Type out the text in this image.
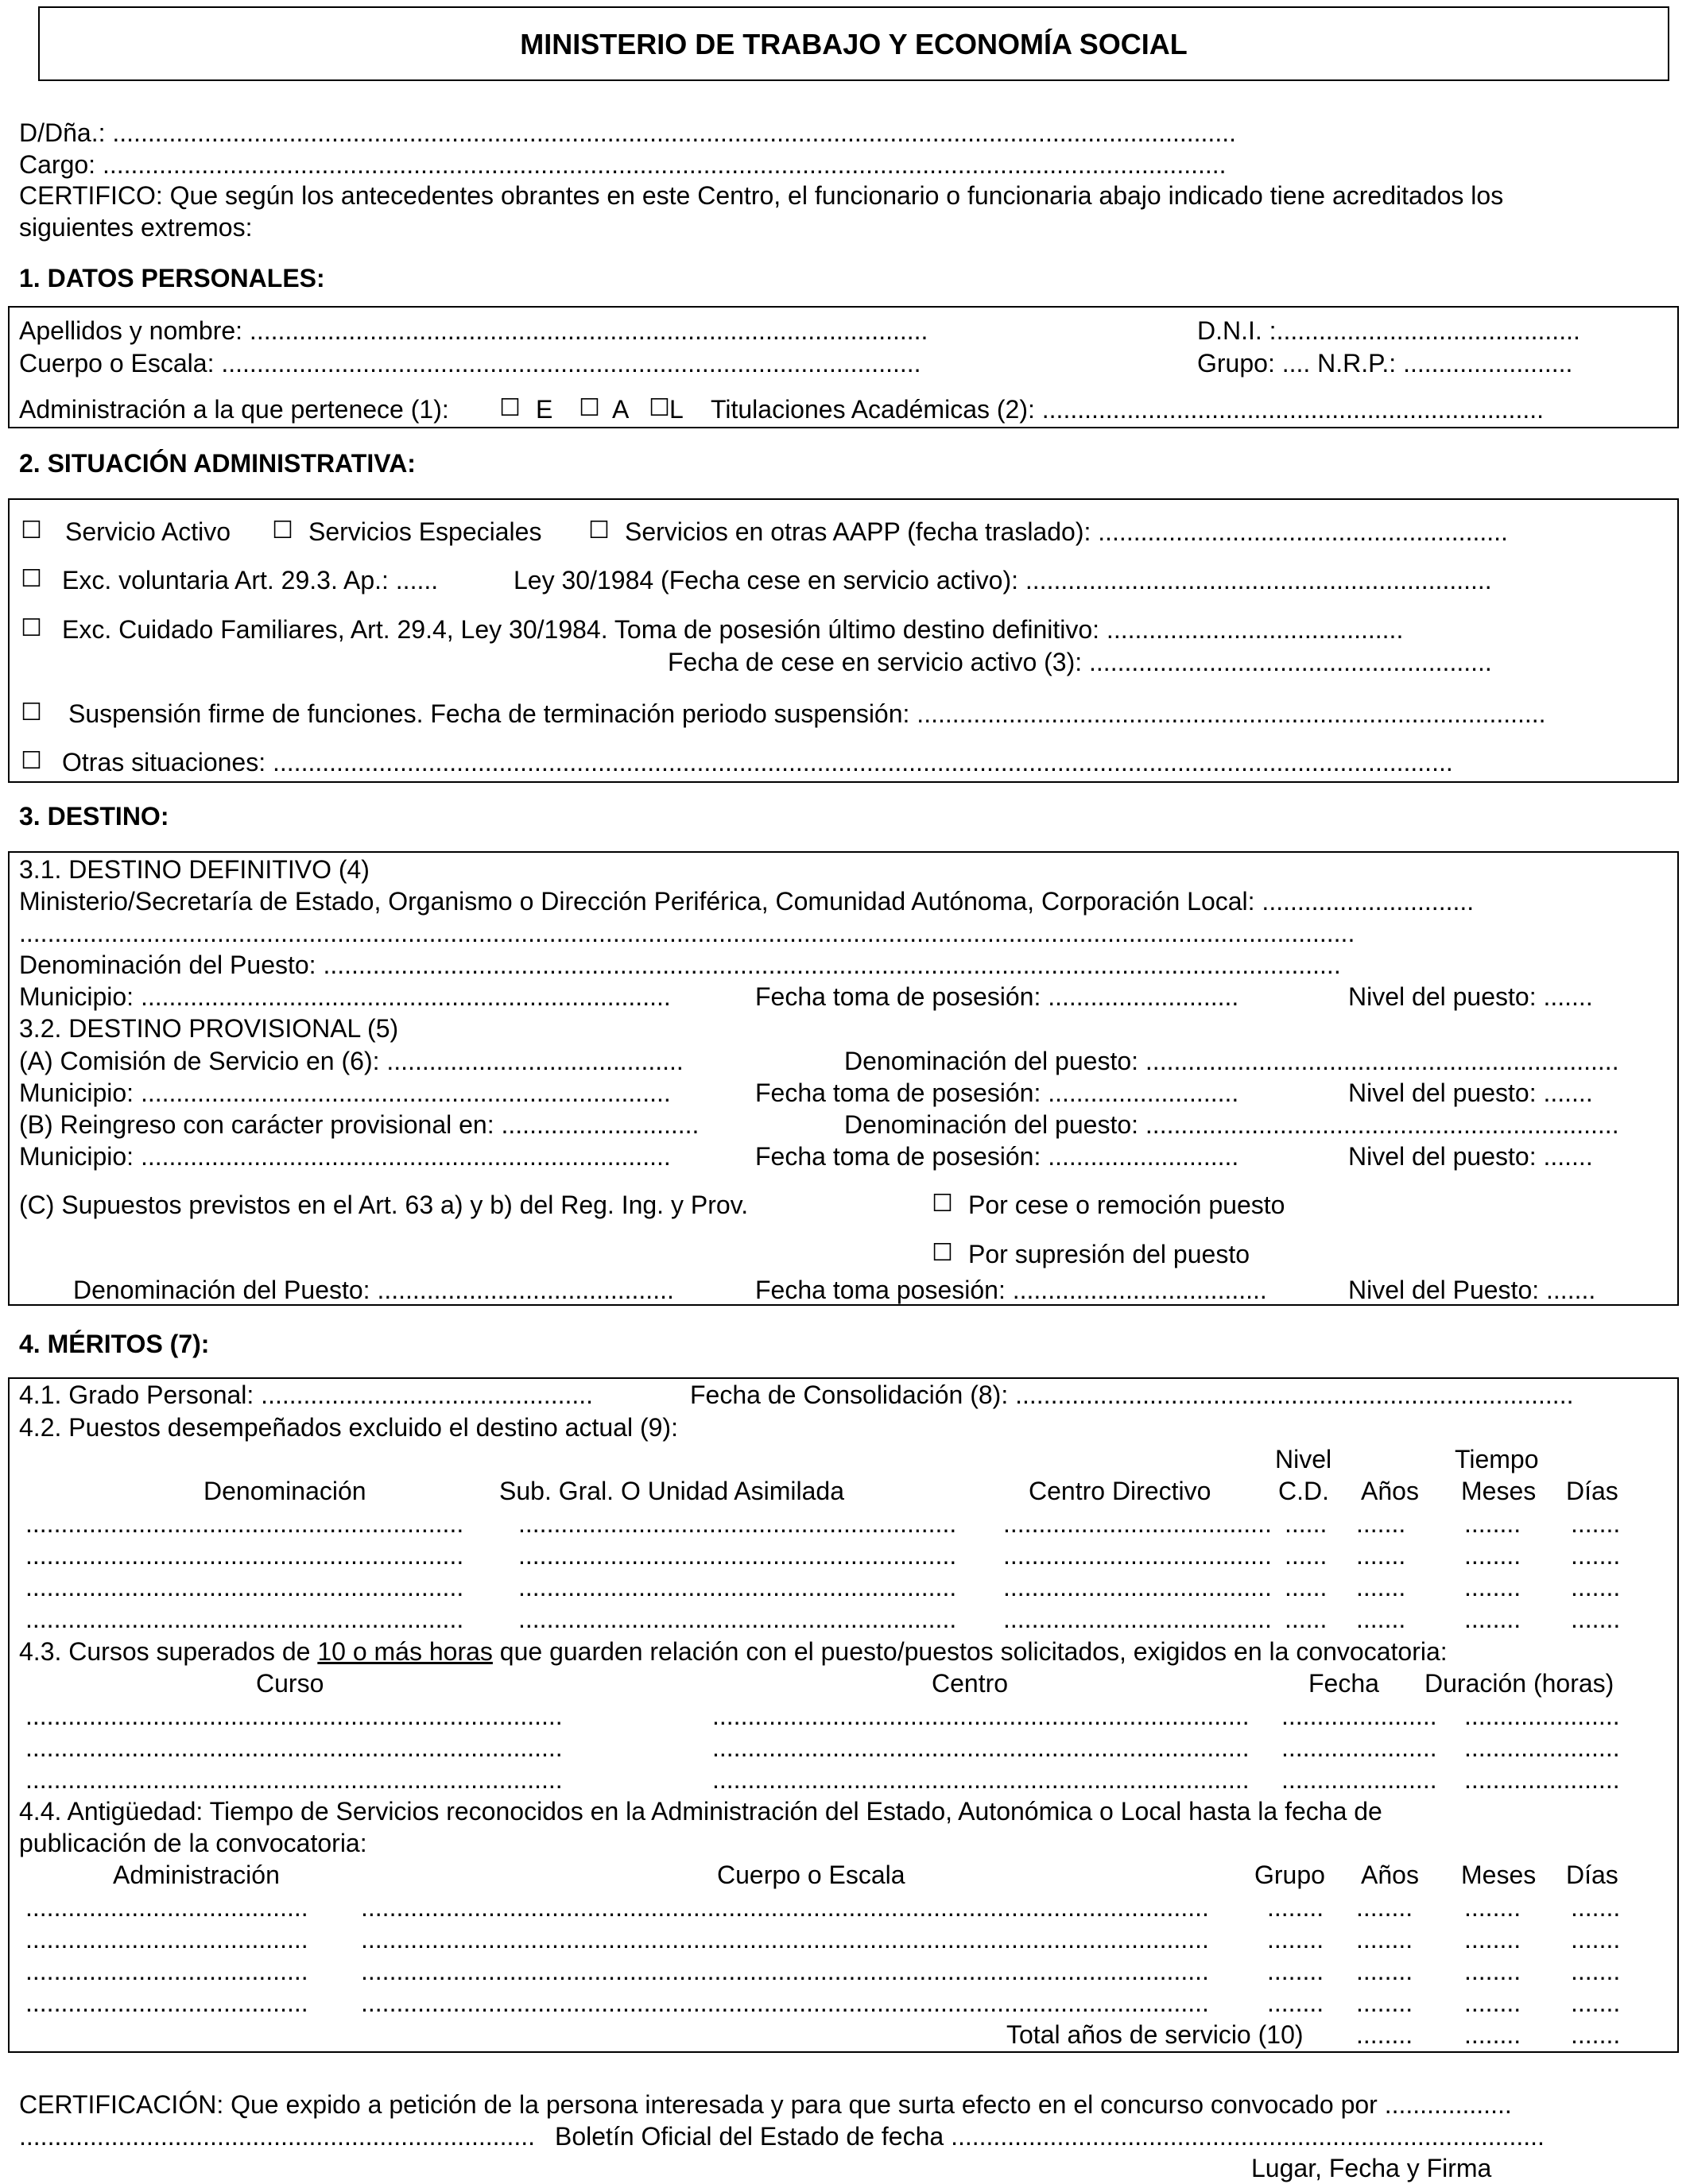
MINISTERIO DE TRABAJO Y ECONOMÍA SOCIAL
D/Dña.: ...............................................................................................................................................................
Cargo: ...............................................................................................................................................................
CERTIFICO: Que según los antecedentes obrantes en este Centro, el funcionario o funcionaria abajo indicado tiene acreditados los
siguientes extremos:
1. DATOS PERSONALES:
Apellidos y nombre: ................................................................................................	D.N.I. :...........................................
Cuerpo o Escala: ...................................................................................................	Grupo: .... N.R.P.: ........................
Administración a la que pertenece (1): ☐ E ☐ A ☐ L Titulaciones Académicas (2): .......................................................................
2. SITUACIÓN ADMINISTRATIVA:
☐ Servicio Activo ☐ Servicios Especiales ☐ Servicios en otras AAPP (fecha traslado): ..........................................................
☐ Exc. voluntaria Art. 29.3. Ap.: ......	Ley 30/1984 (Fecha cese en servicio activo): ..................................................................
☐ Exc. Cuidado Familiares, Art. 29.4, Ley 30/1984. Toma de posesión último destino definitivo: ..........................................
Fecha de cese en servicio activo (3): .........................................................
☐ Suspensión firme de funciones. Fecha de terminación periodo suspensión: .........................................................................................
☐ Otras situaciones: .......................................................................................................................................................................
3. DESTINO:
3.1. DESTINO DEFINITIVO (4)
Ministerio/Secretaría de Estado, Organismo o Dirección Periférica, Comunidad Autónoma, Corporación Local: ..............................
.............................................................................................................................................................................................
Denominación del Puesto: ................................................................................................................................................
Municipio: ...........................................................................	Fecha toma de posesión: ...........................	Nivel del puesto: .......
3.2. DESTINO PROVISIONAL (5)
(A) Comisión de Servicio en (6): ..........................................	Denominación del puesto: ...................................................................
Municipio: ...........................................................................	Fecha toma de posesión: ...........................	Nivel del puesto: .......
(B) Reingreso con carácter provisional en: ............................	Denominación del puesto: ...................................................................
Municipio: ...........................................................................	Fecha toma de posesión: ...........................	Nivel del puesto: .......
(C) Supuestos previstos en el Art. 63 a) y b) del Reg. Ing. y Prov.	☐ Por cese o remoción puesto
☐ Por supresión del puesto
Denominación del Puesto: ..........................................	Fecha toma posesión: ....................................	Nivel del Puesto: .......
4. MÉRITOS (7):
4.1. Grado Personal: ...............................................	Fecha de Consolidación (8): ...............................................................................
4.2. Puestos desempeñados excluido el destino actual (9):
Nivel	Tiempo
Denominación	Sub. Gral. O Unidad Asimilada	Centro Directivo	C.D. Años Meses Días
.............................................................. .............................................................. ...................................... ...... ....... ........ .......
.............................................................. .............................................................. ...................................... ...... ....... ........ .......
.............................................................. .............................................................. ...................................... ...... ....... ........ .......
.............................................................. .............................................................. ...................................... ...... ....... ........ .......
4.3. Cursos superados de 10 o más horas que guarden relación con el puesto/puestos solicitados, exigidos en la convocatoria:
Curso	Centro	Fecha Duración (horas)
............................................................................	............................................................................ ...................... ......................
............................................................................	............................................................................ ...................... ......................
............................................................................	............................................................................ ...................... ......................
4.4. Antigüedad: Tiempo de Servicios reconocidos en la Administración del Estado, Autonómica o Local hasta la fecha de
publicación de la convocatoria:
Administración	Cuerpo o Escala	Grupo Años Meses Días
........................................ ........................................................................................................................ ........ ........ ........ .......
........................................ ........................................................................................................................ ........ ........ ........ .......
........................................ ........................................................................................................................ ........ ........ ........ .......
........................................ ........................................................................................................................ ........ ........ ........ .......
Total años de servicio (10) ........ ........ .......
CERTIFICACIÓN: Que expido a petición de la persona interesada y para que surta efecto en el concurso convocado por ..................
......................................................................... Boletín Oficial del Estado de fecha ....................................................................................
Lugar, Fecha y Firma
